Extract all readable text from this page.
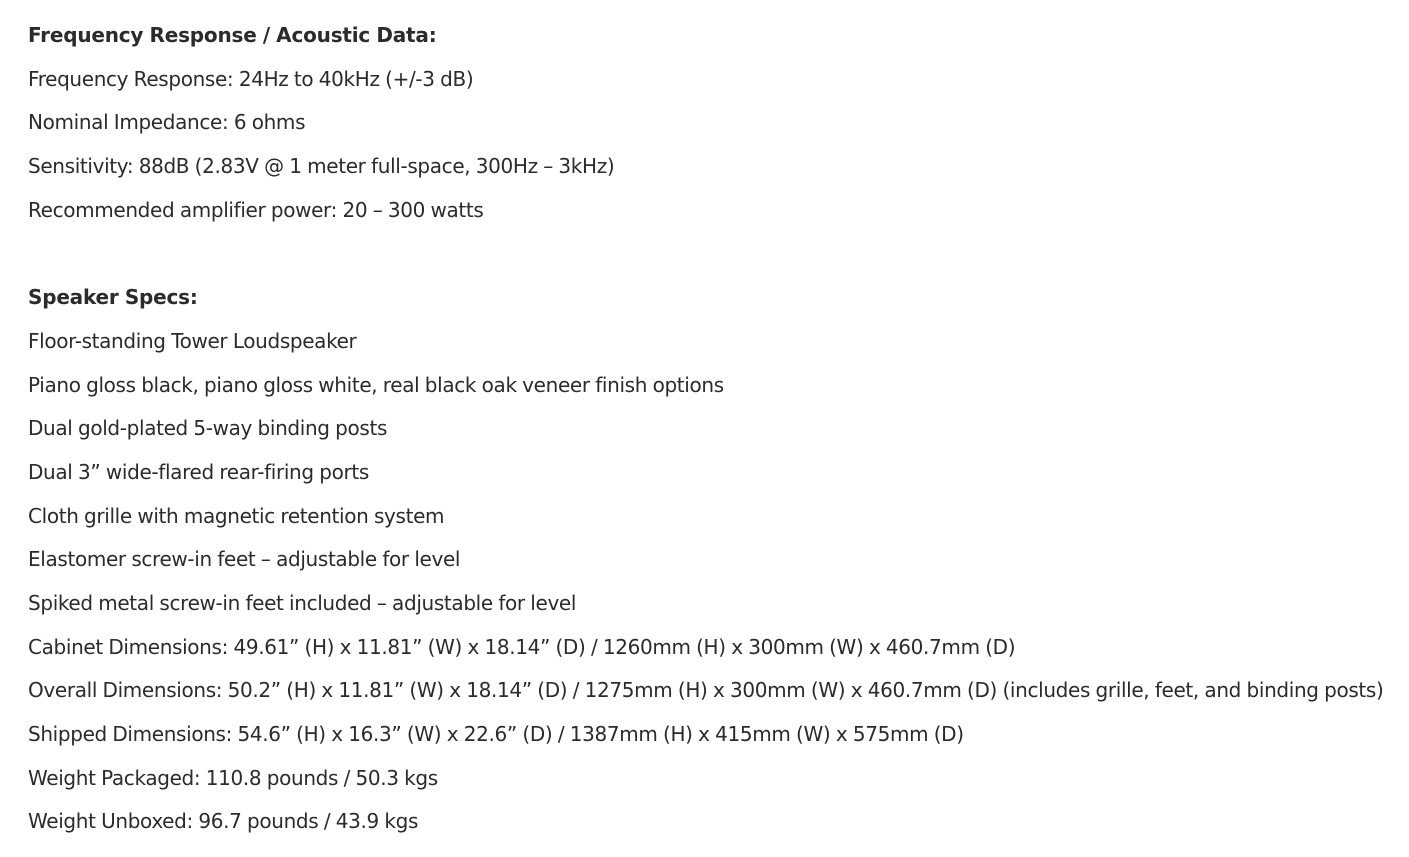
Frequency Response / Acoustic Data:
Frequency Response: 24Hz to 40kHz (+/-3 dB)
Nominal Impedance: 6 ohms
Sensitivity: 88dB (2.83V @ 1 meter full-space, 300Hz – 3kHz)
Recommended amplifier power: 20 – 300 watts
Speaker Specs:
Floor-standing Tower Loudspeaker
Piano gloss black, piano gloss white, real black oak veneer finish options
Dual gold-plated 5-way binding posts
Dual 3” wide-flared rear-firing ports
Cloth grille with magnetic retention system
Elastomer screw-in feet – adjustable for level
Spiked metal screw-in feet included – adjustable for level
Cabinet Dimensions: 49.61” (H) x 11.81” (W) x 18.14” (D) / 1260mm (H) x 300mm (W) x 460.7mm (D)
Overall Dimensions: 50.2” (H) x 11.81” (W) x 18.14” (D) / 1275mm (H) x 300mm (W) x 460.7mm (D) (includes grille, feet, and binding posts)
Shipped Dimensions: 54.6” (H) x 16.3” (W) x 22.6” (D) / 1387mm (H) x 415mm (W) x 575mm (D)
Weight Packaged: 110.8 pounds / 50.3 kgs
Weight Unboxed: 96.7 pounds / 43.9 kgs
